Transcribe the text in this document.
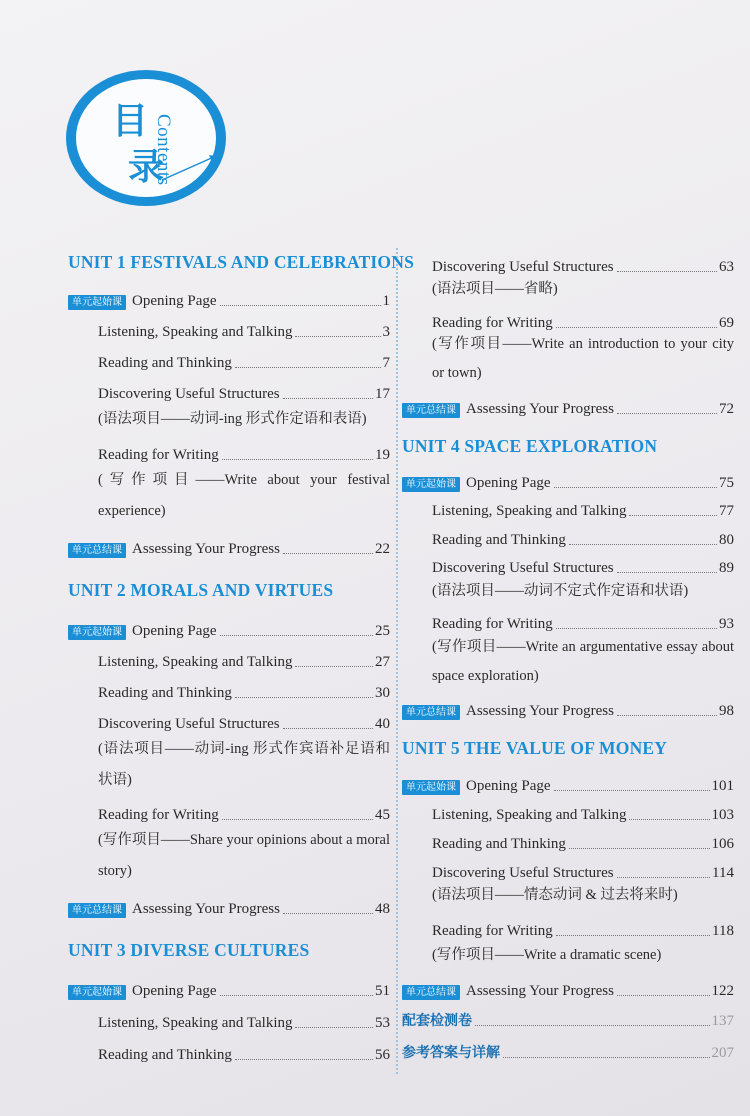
目
录
Contents
UNIT 1 FESTIVALS AND CELEBRATIONS
单元起始课 Opening Page	1
Listening, Speaking and Talking	3
Reading and Thinking	7
Discovering Useful Structures	17
(语法项目——动词-ing 形式作定语和表语)
Reading for Writing	19
(写作项目——Write about your festival experience)
单元总结课 Assessing Your Progress	22
UNIT 2 MORALS AND VIRTUES
单元起始课 Opening Page	25
Listening, Speaking and Talking	27
Reading and Thinking	30
Discovering Useful Structures	40
(语法项目——动词-ing 形式作宾语补足语和状语)
Reading for Writing	45
(写作项目——Share your opinions about a moral story)
单元总结课 Assessing Your Progress	48
UNIT 3 DIVERSE CULTURES
单元起始课 Opening Page	51
Listening, Speaking and Talking	53
Reading and Thinking	56
Discovering Useful Structures	63
(语法项目——省略)
Reading for Writing	69
(写作项目——Write an introduction to your city or town)
单元总结课 Assessing Your Progress	72
UNIT 4 SPACE EXPLORATION
单元起始课 Opening Page	75
Listening, Speaking and Talking	77
Reading and Thinking	80
Discovering Useful Structures	89
(语法项目——动词不定式作定语和状语)
Reading for Writing	93
(写作项目——Write an argumentative essay about space exploration)
单元总结课 Assessing Your Progress	98
UNIT 5 THE VALUE OF MONEY
单元起始课 Opening Page	101
Listening, Speaking and Talking	103
Reading and Thinking	106
Discovering Useful Structures	114
(语法项目——情态动词 & 过去将来时)
Reading for Writing	118
(写作项目——Write a dramatic scene)
单元总结课 Assessing Your Progress	122
配套检测卷	137
参考答案与详解	207
